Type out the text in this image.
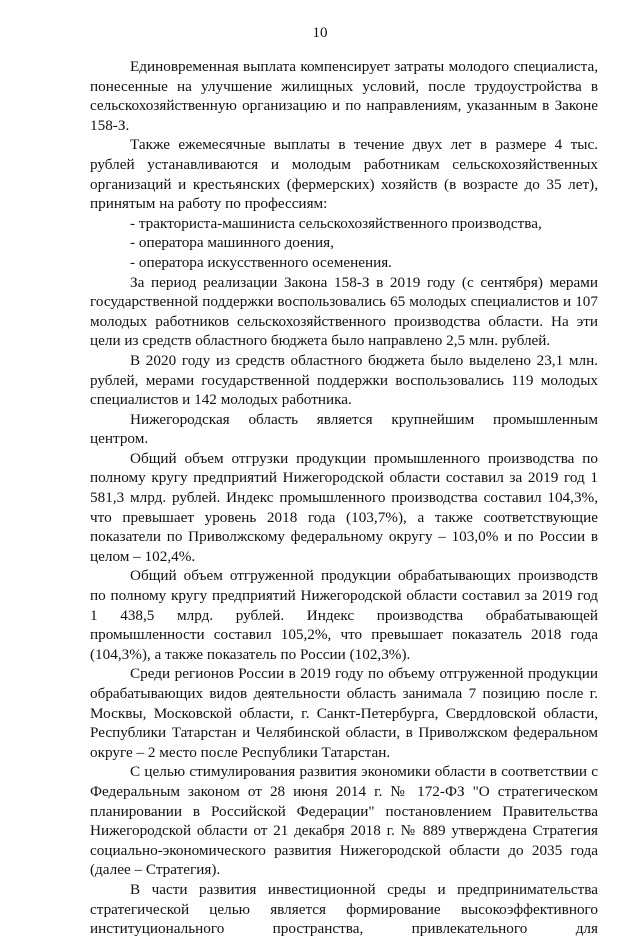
10

Единовременная выплата компенсирует затраты молодого специалиста, понесенные на улучшение жилищных условий, после трудоустройства в сельскохозяйственную организацию и по направлениям, указанным в Законе 158-З.

Также ежемесячные выплаты в течение двух лет в размере 4 тыс. рублей устанавливаются и молодым работникам сельскохозяйственных организаций и крестьянских (фермерских) хозяйств (в возрасте до 35 лет), принятым на работу по профессиям:

- тракториста-машиниста сельскохозяйственного производства,
- оператора машинного доения,
- оператора искусственного осеменения.

За период реализации Закона 158-З в 2019 году (с сентября) мерами государственной поддержки воспользовались 65 молодых специалистов и 107 молодых работников сельскохозяйственного производства области. На эти цели из средств областного бюджета было направлено 2,5 млн. рублей.

В 2020 году из средств областного бюджета было выделено 23,1 млн. рублей, мерами государственной поддержки воспользовались 119 молодых специалистов и 142 молодых работника.

Нижегородская область является крупнейшим промышленным центром.

Общий объем отгрузки продукции промышленного производства по полному кругу предприятий Нижегородской области составил за 2019 год 1 581,3 млрд. рублей. Индекс промышленного производства составил 104,3%, что превышает уровень 2018 года (103,7%), а также соответствующие показатели по Приволжскому федеральному округу – 103,0% и по России в целом – 102,4%.

Общий объем отгруженной продукции обрабатывающих производств по полному кругу предприятий Нижегородской области составил за 2019 год 1 438,5 млрд. рублей. Индекс производства обрабатывающей промышленности составил 105,2%, что превышает показатель 2018 года (104,3%), а также показатель по России (102,3%).

Среди регионов России в 2019 году по объему отгруженной продукции обрабатывающих видов деятельности область занимала 7 позицию после г. Москвы, Московской области, г. Санкт-Петербурга, Свердловской области, Республики Татарстан и Челябинской области, в Приволжском федеральном округе – 2 место после Республики Татарстан.

С целью стимулирования развития экономики области в соответствии с Федеральным законом от 28 июня 2014 г. № 172-ФЗ "О стратегическом планировании в Российской Федерации" постановлением Правительства Нижегородской области от 21 декабря 2018 г. № 889 утверждена Стратегия социально-экономического развития Нижегородской области до 2035 года (далее – Стратегия).

В части развития инвестиционной среды и предпринимательства стратегической целью является формирование высокоэффективного институционального пространства, привлекательного для
